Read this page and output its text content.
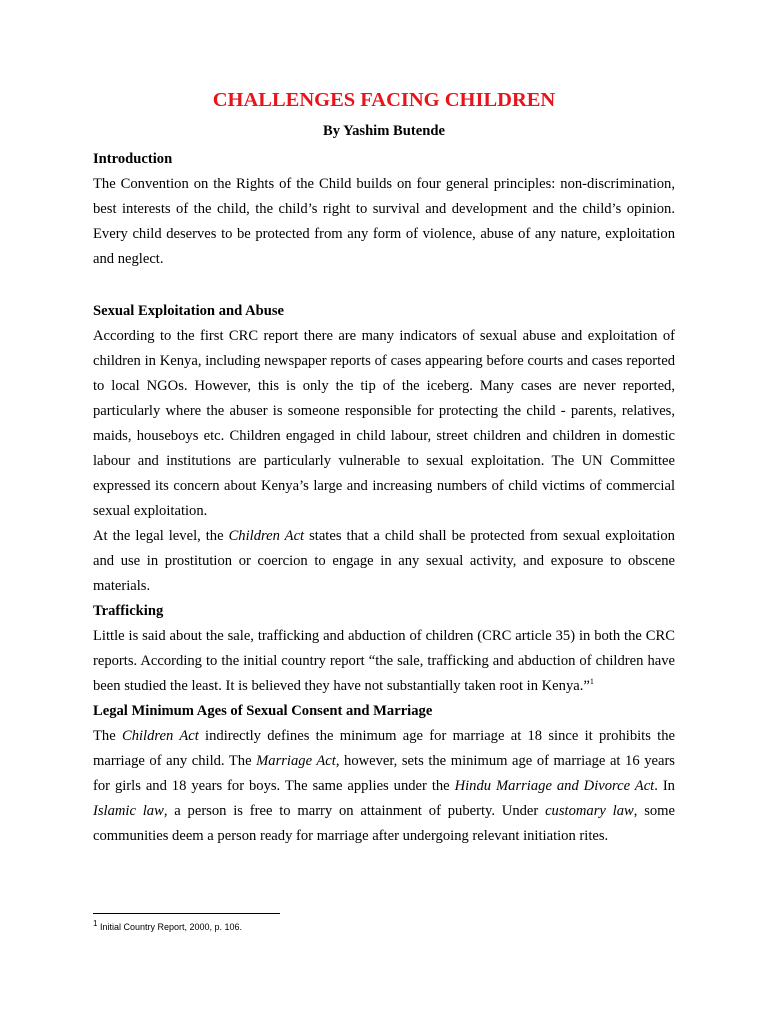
CHALLENGES FACING CHILDREN
By Yashim Butende
Introduction

The Convention on the Rights of the Child builds on four general principles: non-discrimination, best interests of the child, the child’s right to survival and development and the child’s opinion. Every child deserves to be protected from any form of violence, abuse of any nature, exploitation and neglect.

Sexual Exploitation and Abuse

According to the first CRC report there are many indicators of sexual abuse and exploitation of children in Kenya, including newspaper reports of cases appearing before courts and cases reported to local NGOs. However, this is only the tip of the iceberg. Many cases are never reported, particularly where the abuser is someone responsible for protecting the child - parents, relatives, maids, houseboys etc. Children engaged in child labour, street children and children in domestic labour and institutions are particularly vulnerable to sexual exploitation. The UN Committee expressed its concern about Kenya’s large and increasing numbers of child victims of commercial sexual exploitation.

At the legal level, the Children Act states that a child shall be protected from sexual exploitation and use in prostitution or coercion to engage in any sexual activity, and exposure to obscene materials.

Trafficking

Little is said about the sale, trafficking and abduction of children (CRC article 35) in both the CRC reports. According to the initial country report “the sale, trafficking and abduction of children have been studied the least. It is believed they have not substantially taken root in Kenya.”$^1$

Legal Minimum Ages of Sexual Consent and Marriage

The Children Act indirectly defines the minimum age for marriage at 18 since it prohibits the marriage of any child. The Marriage Act, however, sets the minimum age of marriage at 16 years for girls and 18 years for boys. The same applies under the Hindu Marriage and Divorce Act. In Islamic law, a person is free to marry on attainment of puberty. Under customary law, some communities deem a person ready for marriage after undergoing relevant initiation rites.

$^1$ Initial Country Report, 2000, p. 106.
